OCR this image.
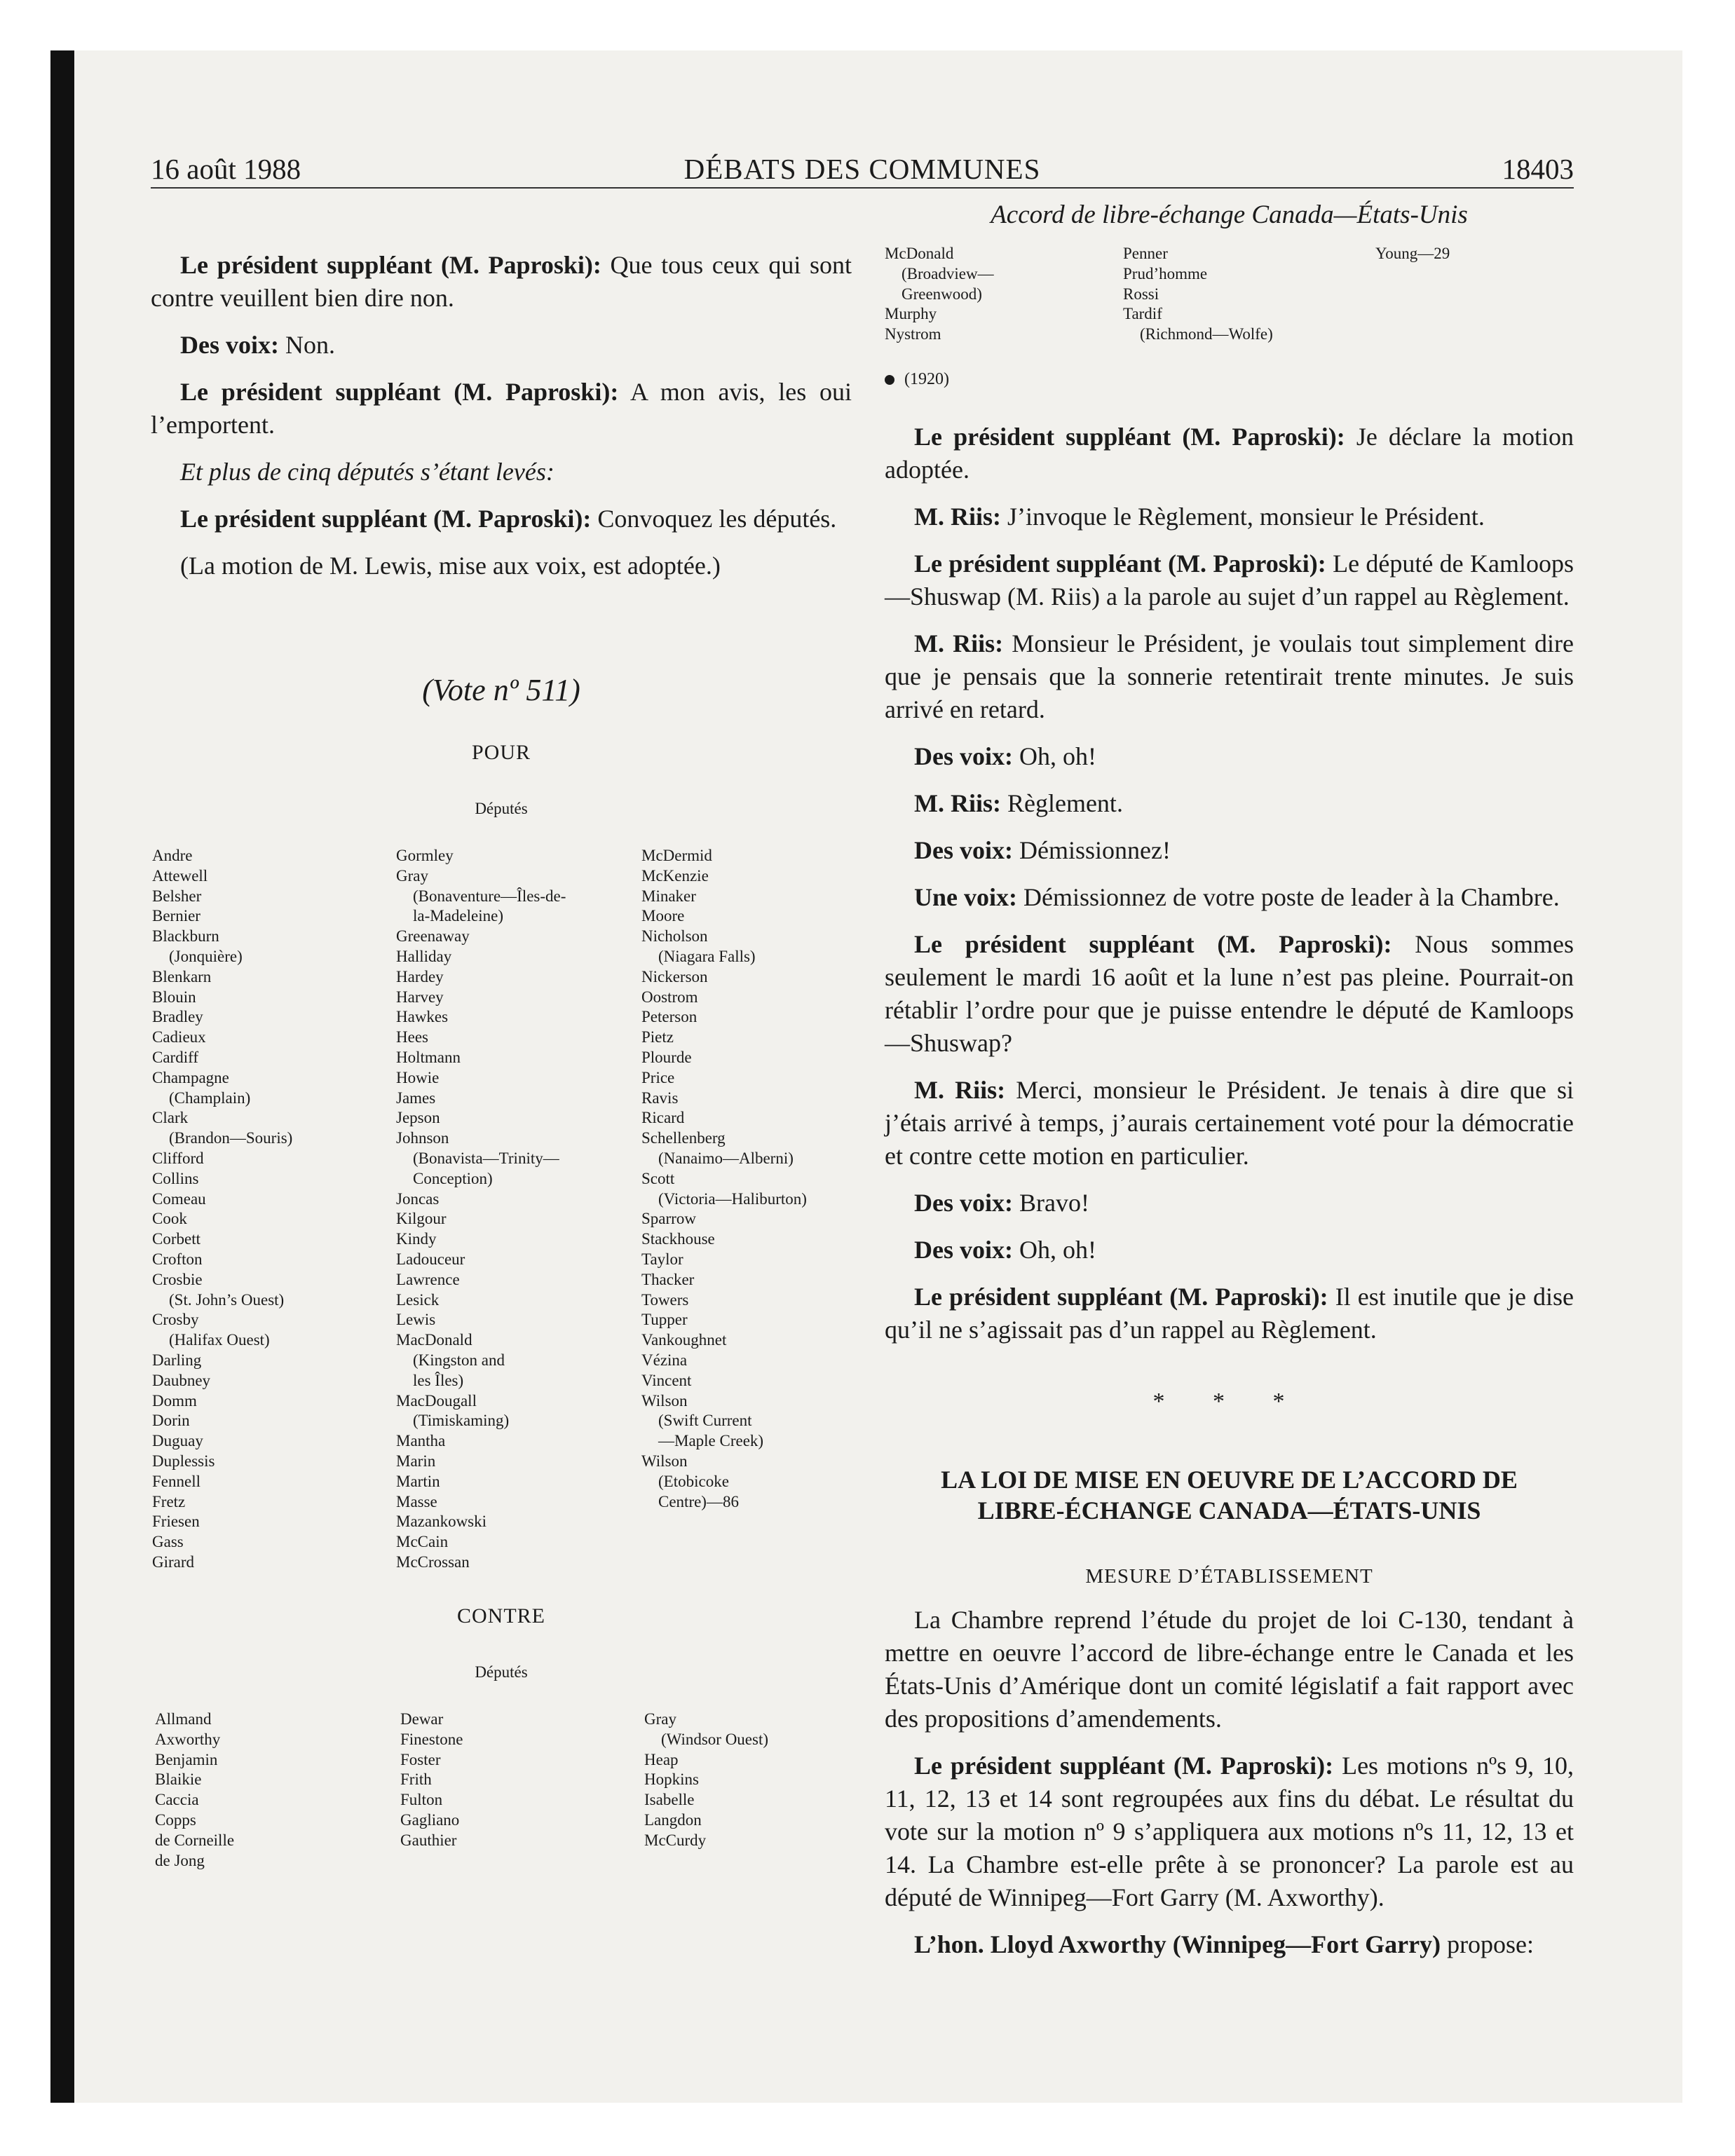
16 août 1988	DÉBATS DES COMMUNES	18403
Accord de libre-échange Canada—États-Unis

Le président suppléant (M. Paproski): Que tous ceux qui sont contre veuillent bien dire non.

Des voix: Non.

Le président suppléant (M. Paproski): A mon avis, les oui l’emportent.

Et plus de cinq députés s’étant levés:

Le président suppléant (M. Paproski): Convoquez les députés.

(La motion de M. Lewis, mise aux voix, est adoptée.)

(Vote nº 511)
POUR
Députés
Andre
Attewell
Belsher
Bernier
Blackburn
(Jonquière)
Blenkarn
Blouin
Bradley
Cadieux
Cardiff
Champagne
(Champlain)
Clark
(Brandon—Souris)
Clifford
Collins
Comeau
Cook
Corbett
Crofton
Crosbie
(St. John’s Ouest)
Crosby
(Halifax Ouest)
Darling
Daubney
Domm
Dorin
Duguay
Duplessis
Fennell
Fretz
Friesen
Gass
Girard
Gormley
Gray
(Bonaventure—Îles-de-
la-Madeleine)
Greenaway
Halliday
Hardey
Harvey
Hawkes
Hees
Holtmann
Howie
James
Jepson
Johnson
(Bonavista—Trinity—
Conception)
Joncas
Kilgour
Kindy
Ladouceur
Lawrence
Lesick
Lewis
MacDonald
(Kingston and
les Îles)
MacDougall
(Timiskaming)
Mantha
Marin
Martin
Masse
Mazankowski
McCain
McCrossan
McDermid
McKenzie
Minaker
Moore
Nicholson
(Niagara Falls)
Nickerson
Oostrom
Peterson
Pietz
Plourde
Price
Ravis
Ricard
Schellenberg
(Nanaimo—Alberni)
Scott
(Victoria—Haliburton)
Sparrow
Stackhouse
Taylor
Thacker
Towers
Tupper
Vankoughnet
Vézina
Vincent
Wilson
(Swift Current
—Maple Creek)
Wilson
(Etobicoke
Centre)—86
CONTRE
Députés
Allmand
Axworthy
Benjamin
Blaikie
Caccia
Copps
de Corneille
de Jong
Dewar
Finestone
Foster
Frith
Fulton
Gagliano
Gauthier
Gray
(Windsor Ouest)
Heap
Hopkins
Isabelle
Langdon
McCurdy
McDonald
(Broadview—
Greenwood)
Murphy
Nystrom
Penner
Prud’homme
Rossi
Tardif
(Richmond—Wolfe)
Young—29
(1920)

Le président suppléant (M. Paproski): Je déclare la motion adoptée.

M. Riis: J’invoque le Règlement, monsieur le Président.

Le président suppléant (M. Paproski): Le député de Kamloops—Shuswap (M. Riis) a la parole au sujet d’un rappel au Règlement.

M. Riis: Monsieur le Président, je voulais tout simplement dire que je pensais que la sonnerie retentirait trente minutes. Je suis arrivé en retard.

Des voix: Oh, oh!

M. Riis: Règlement.

Des voix: Démissionnez!

Une voix: Démissionnez de votre poste de leader à la Chambre.

Le président suppléant (M. Paproski): Nous sommes seulement le mardi 16 août et la lune n’est pas pleine. Pourrait-on rétablir l’ordre pour que je puisse entendre le député de Kamloops—Shuswap?

M. Riis: Merci, monsieur le Président. Je tenais à dire que si j’étais arrivé à temps, j’aurais certainement voté pour la démocratie et contre cette motion en particulier.

Des voix: Bravo!

Des voix: Oh, oh!

Le président suppléant (M. Paproski): Il est inutile que je dise qu’il ne s’agissait pas d’un rappel au Règlement.

* * *
LA LOI DE MISE EN OEUVRE DE L’ACCORD DE
LIBRE-ÉCHANGE CANADA—ÉTATS-UNIS
MESURE D’ÉTABLISSEMENT

La Chambre reprend l’étude du projet de loi C-130, tendant à mettre en oeuvre l’accord de libre-échange entre le Canada et les États-Unis d’Amérique dont un comité législatif a fait rapport avec des propositions d’amendements.

Le président suppléant (M. Paproski): Les motions nºs 9, 10, 11, 12, 13 et 14 sont regroupées aux fins du débat. Le résultat du vote sur la motion nº 9 s’appliquera aux motions nºs 11, 12, 13 et 14. La Chambre est-elle prête à se prononcer? La parole est au député de Winnipeg—Fort Garry (M. Axworthy).

L’hon. Lloyd Axworthy (Winnipeg—Fort Garry) propose:
